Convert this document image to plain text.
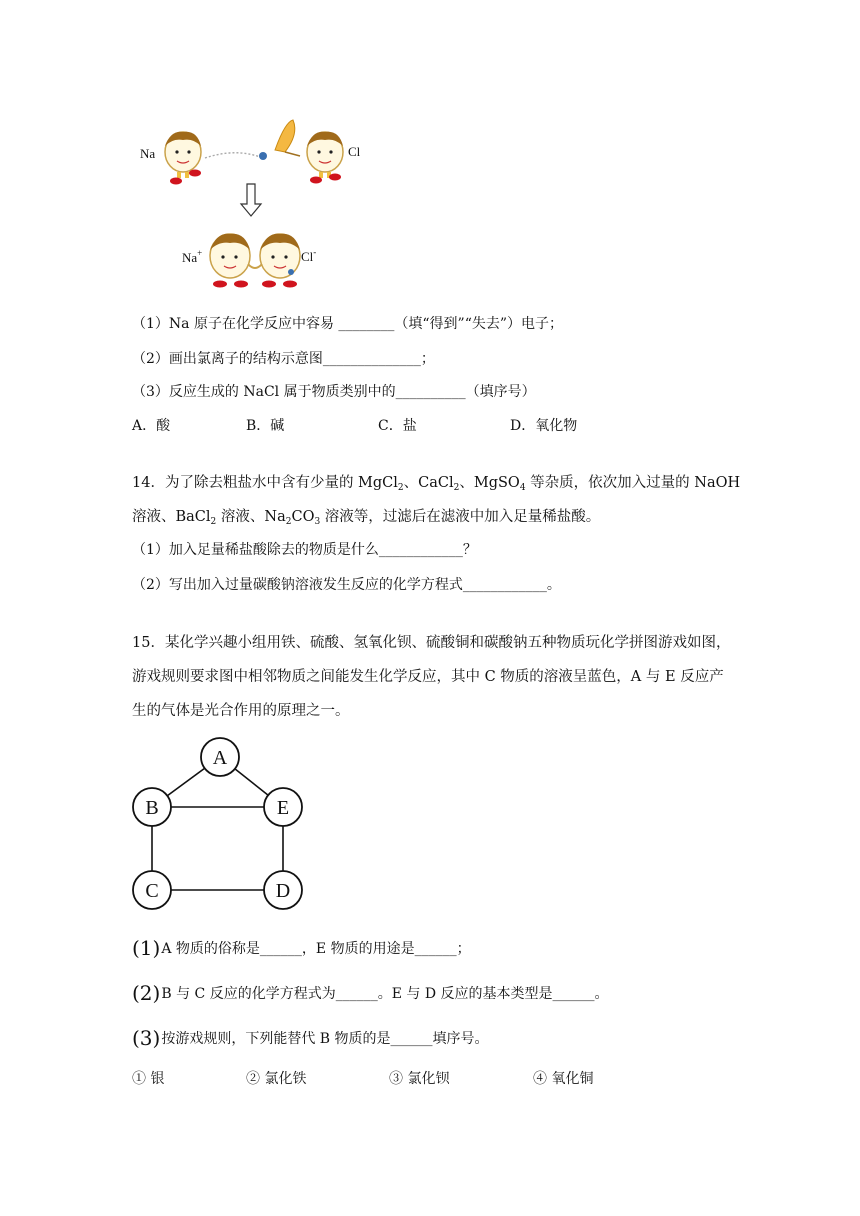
Na	Cl
Na+	Cl-
（1）Na 原子在化学反应中容易 ________（填“得到”“失去”）电子；
（2）画出氯离子的结构示意图______________；
（3）反应生成的 NaCl 属于物质类别中的__________（填序号）
A．酸	B．碱	C．盐	D．氧化物
14．为了除去粗盐水中含有少量的 MgCl$_2$、CaCl$_2$、MgSO$_4$ 等杂质，依次加入过量的 NaOH
溶液、BaCl$_2$ 溶液、$Na_2CO_3$ 溶液等，过滤后在滤液中加入足量稀盐酸。
（1）加入足量稀盐酸除去的物质是什么____________？
（2）写出加入过量碳酸钠溶液发生反应的化学方程式____________。
15．某化学兴趣小组用铁、硫酸、氢氧化钡、硫酸铜和碳酸钠五种物质玩化学拼图游戏如图，
游戏规则要求图中相邻物质之间能发生化学反应，其中 C 物质的溶液呈蓝色，A 与 E 反应产
生的气体是光合作用的原理之一。
A
B
C	D
E
(1)A 物质的俗称是______，E 物质的用途是______；
(2)B 与 C 反应的化学方程式为______。E 与 D 反应的基本类型是______。
(3)按游戏规则，下列能替代 B 物质的是______填序号。
① 银	② 氯化铁	③ 氯化钡	④ 氧化铜
